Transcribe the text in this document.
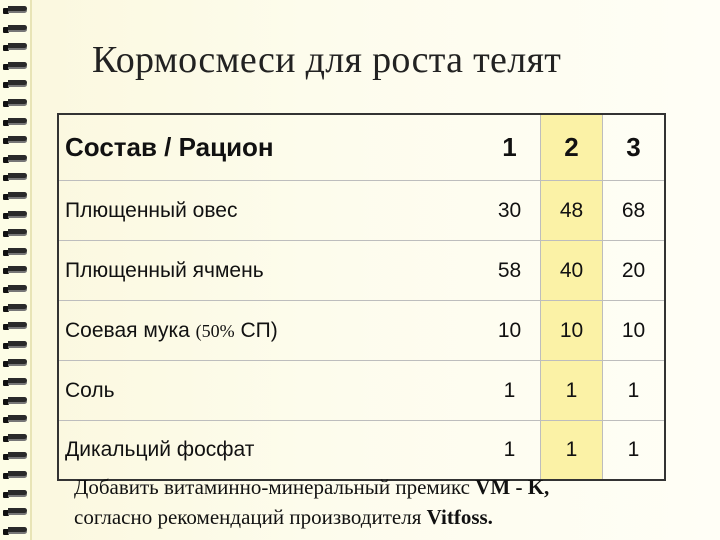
Кормосмеси для роста телят
Состав / Рацион	1	2	3
Плющенный овес	30	48	68
Плющенный ячмень	58	40	20
Соевая мука (50% СП)	10	10	10
Соль	1	1	1
Дикальций фосфат	1	1	1
Добавить витаминно-минеральный премикс VM - K,
согласно рекомендаций производителя Vitfoss.
